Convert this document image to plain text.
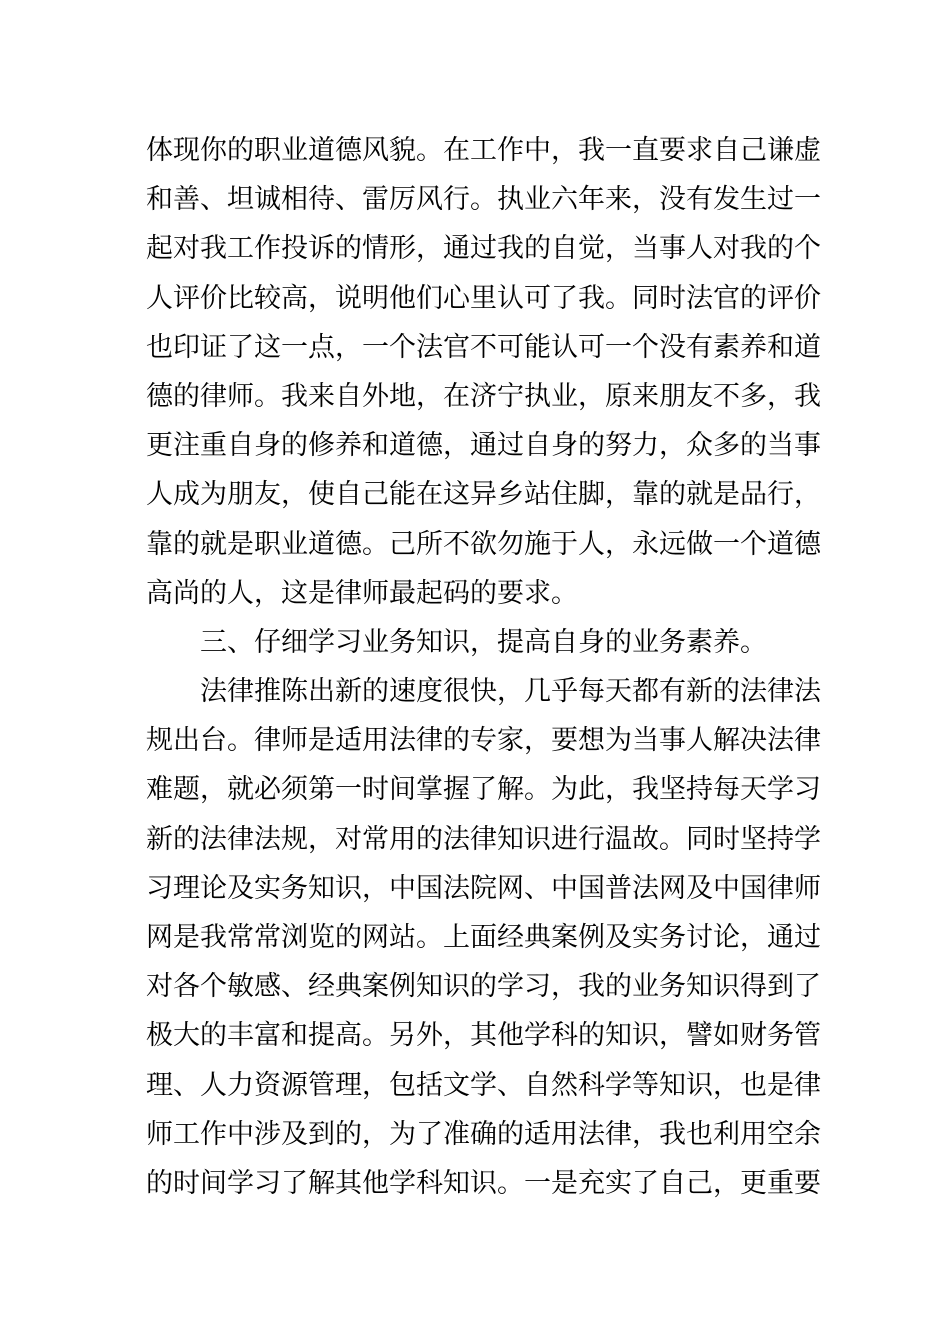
体现你的职业道德风貌。在工作中，我一直要求自己谦虚
和善、坦诚相待、雷厉风行。执业六年来，没有发生过一
起对我工作投诉的情形，通过我的自觉，当事人对我的个
人评价比较高，说明他们心里认可了我。同时法官的评价
也印证了这一点，一个法官不可能认可一个没有素养和道
德的律师。我来自外地，在济宁执业，原来朋友不多，我
更注重自身的修养和道德，通过自身的努力，众多的当事
人成为朋友，使自己能在这异乡站住脚，靠的就是品行，
靠的就是职业道德。己所不欲勿施于人，永远做一个道德
高尚的人，这是律师最起码的要求。
三、仔细学习业务知识，提高自身的业务素养。
法律推陈出新的速度很快，几乎每天都有新的法律法
规出台。律师是适用法律的专家，要想为当事人解决法律
难题，就必须第一时间掌握了解。为此，我坚持每天学习
新的法律法规，对常用的法律知识进行温故。同时坚持学
习理论及实务知识，中国法院网、中国普法网及中国律师
网是我常常浏览的网站。上面经典案例及实务讨论，通过
对各个敏感、经典案例知识的学习，我的业务知识得到了
极大的丰富和提高。另外，其他学科的知识，譬如财务管
理、人力资源管理，包括文学、自然科学等知识，也是律
师工作中涉及到的，为了准确的适用法律，我也利用空余
的时间学习了解其他学科知识。一是充实了自己，更重要
